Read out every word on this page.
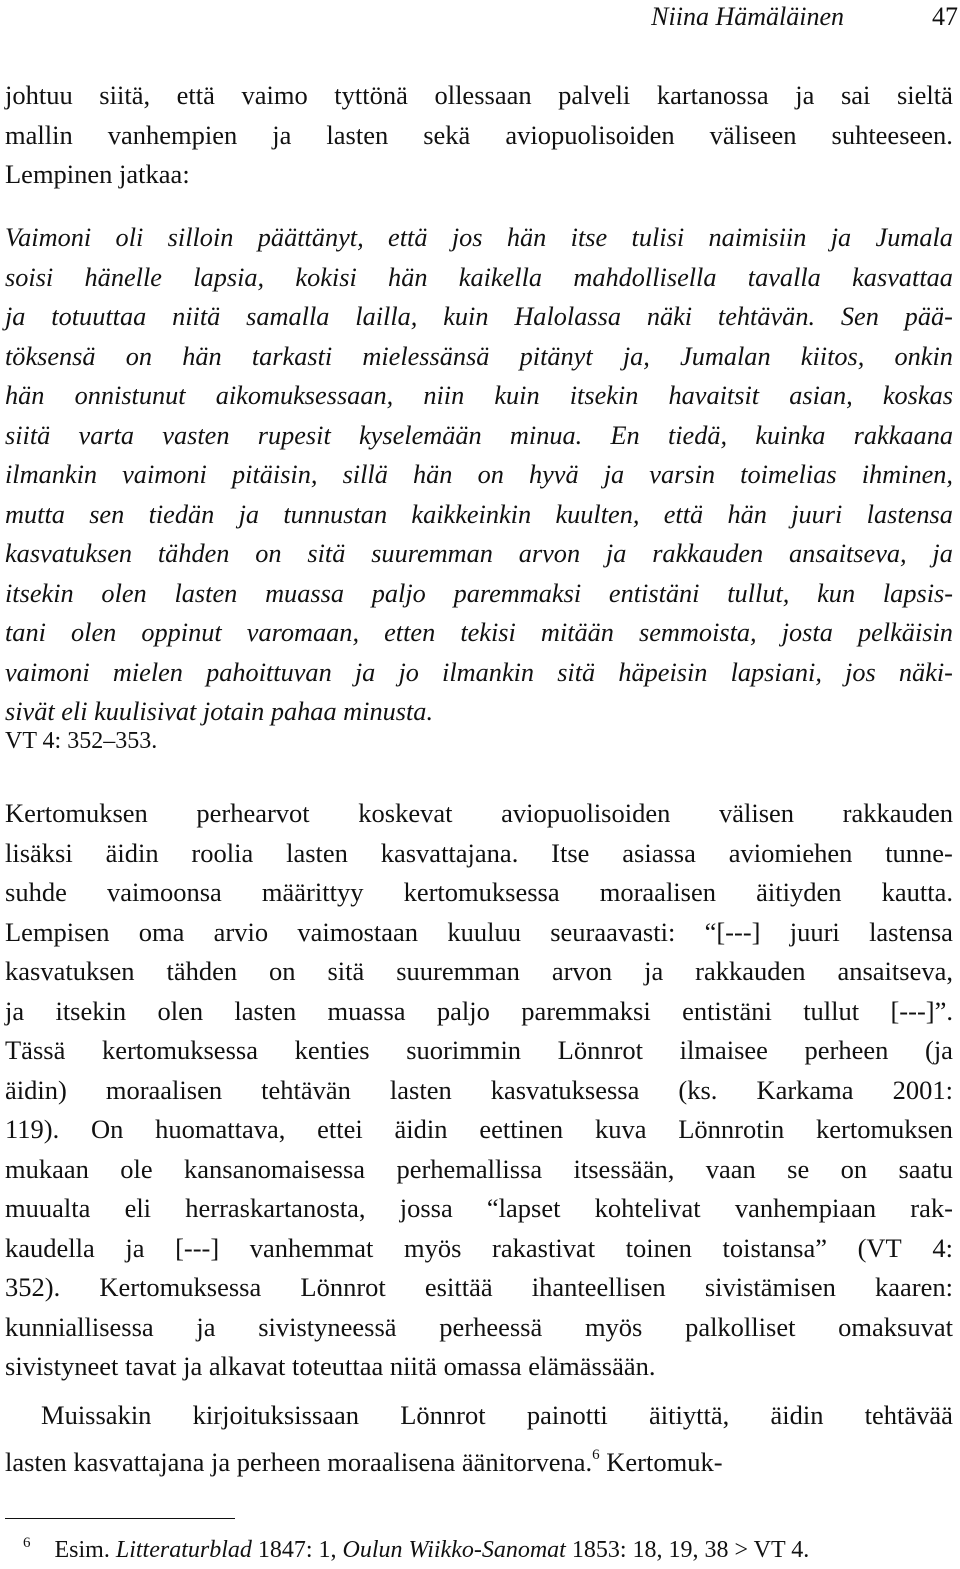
Niina Hämäläinen	47
johtuu siitä, että vaimo tyttönä ollessaan palveli kartanossa ja sai sieltä
mallin vanhempien ja lasten sekä aviopuolisoiden väliseen suhteeseen.
Lempinen jatkaa:
Vaimoni oli silloin päättänyt, että jos hän itse tulisi naimisiin ja Jumala
soisi hänelle lapsia, kokisi hän kaikella mahdollisella tavalla kasvattaa
ja totuuttaa niitä samalla lailla, kuin Halolassa näki tehtävän. Sen pää-
töksensä on hän tarkasti mielessänsä pitänyt ja, Jumalan kiitos, onkin
hän onnistunut aikomuksessaan, niin kuin itsekin havaitsit asian, koskas
siitä varta vasten rupesit kyselemään minua. En tiedä, kuinka rakkaana
ilmankin vaimoni pitäisin, sillä hän on hyvä ja varsin toimelias ihminen,
mutta sen tiedän ja tunnustan kaikkeinkin kuulten, että hän juuri lastensa
kasvatuksen tähden on sitä suuremman arvon ja rakkauden ansaitseva, ja
itsekin olen lasten muassa paljo paremmaksi entistäni tullut, kun lapsis-
tani olen oppinut varomaan, etten tekisi mitään semmoista, josta pelkäisin
vaimoni mielen pahoittuvan ja jo ilmankin sitä häpeisin lapsiani, jos näki-
sivät eli kuulisivat jotain pahaa minusta.
VT 4: 352–353.
Kertomuksen perhearvot koskevat aviopuolisoiden välisen rakkauden
lisäksi äidin roolia lasten kasvattajana. Itse asiassa aviomiehen tunne-
suhde vaimoonsa määrittyy kertomuksessa moraalisen äitiyden kautta.
Lempisen oma arvio vaimostaan kuuluu seuraavasti: “[---] juuri lastensa
kasvatuksen tähden on sitä suuremman arvon ja rakkauden ansaitseva,
ja itsekin olen lasten muassa paljo paremmaksi entistäni tullut [---]”.
Tässä kertomuksessa kenties suorimmin Lönnrot ilmaisee perheen (ja
äidin) moraalisen tehtävän lasten kasvatuksessa (ks. Karkama 2001:
119). On huomattava, ettei äidin eettinen kuva Lönnrotin kertomuksen
mukaan ole kansanomaisessa perhemallissa itsessään, vaan se on saatu
muualta eli herraskartanosta, jossa “lapset kohtelivat vanhempiaan rak-
kaudella ja [---] vanhemmat myös rakastivat toinen toistansa” (VT 4:
352). Kertomuksessa Lönnrot esittää ihanteellisen sivistämisen kaaren:
kunniallisessa ja sivistyneessä perheessä myös palkolliset omaksuvat
sivistyneet tavat ja alkavat toteuttaa niitä omassa elämässään.
Muissakin kirjoituksissaan Lönnrot painotti äitiyttä, äidin tehtävää
lasten kasvattajana ja perheen moraalisena äänitorvena.$^6$ Kertomuk-
$^6$ Esim. Litteraturblad 1847: 1, Oulun Wiikko-Sanomat 1853: 18, 19, 38 > VT 4.
